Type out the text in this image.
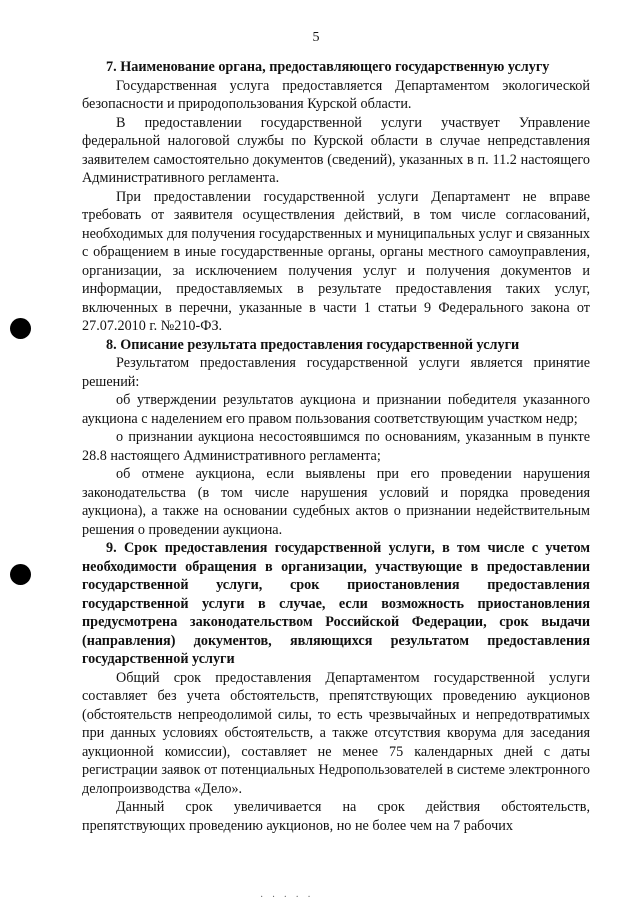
5

7. Наименование органа, предоставляющего государственную услугу

Государственная услуга предоставляется Департаментом экологической безопасности и природопользования Курской области.

В предоставлении государственной услуги участвует Управление федеральной налоговой службы по Курской области в случае непредставления заявителем самостоятельно документов (сведений), указанных в п. 11.2 настоящего Административного регламента.

При предоставлении государственной услуги Департамент не вправе требовать от заявителя осуществления действий, в том числе согласований, необходимых для получения государственных и муниципальных услуг и связанных с обращением в иные государственные органы, органы местного самоуправления, организации, за исключением получения услуг и получения документов и информации, предоставляемых в результате предоставления таких услуг, включенных в перечни, указанные в части 1 статьи 9 Федерального закона от 27.07.2010 г. №210-ФЗ.

8. Описание результата предоставления государственной услуги

Результатом предоставления государственной услуги является принятие решений:

об утверждении результатов аукциона и признании победителя указанного аукциона с наделением его правом пользования соответствующим участком недр;

о признании аукциона несостоявшимся по основаниям, указанным в пункте 28.8 настоящего Административного регламента;

об отмене аукциона, если выявлены при его проведении нарушения законодательства (в том числе нарушения условий и порядка проведения аукциона), а также на основании судебных актов о признании недействительным решения о проведении аукциона.

9. Срок предоставления государственной услуги, в том числе с учетом необходимости обращения в организации, участвующие в предоставлении государственной услуги, срок приостановления предоставления государственной услуги в случае, если возможность приостановления предусмотрена законодательством Российской Федерации, срок выдачи (направления) документов, являющихся результатом предоставления государственной услуги

Общий срок предоставления Департаментом государственной услуги составляет без учета обстоятельств, препятствующих проведению аукционов (обстоятельств непреодолимой силы, то есть чрезвычайных и непредотвратимых при данных условиях обстоятельств, а также отсутствия кворума для заседания аукционной комиссии), составляет не менее 75 календарных дней с даты регистрации заявок от потенциальных Недропользователей в системе электронного делопроизводства «Дело».

Данный срок увеличивается на срок действия обстоятельств, препятствующих проведению аукционов, но не более чем на 7 рабочих

· · · · ·
